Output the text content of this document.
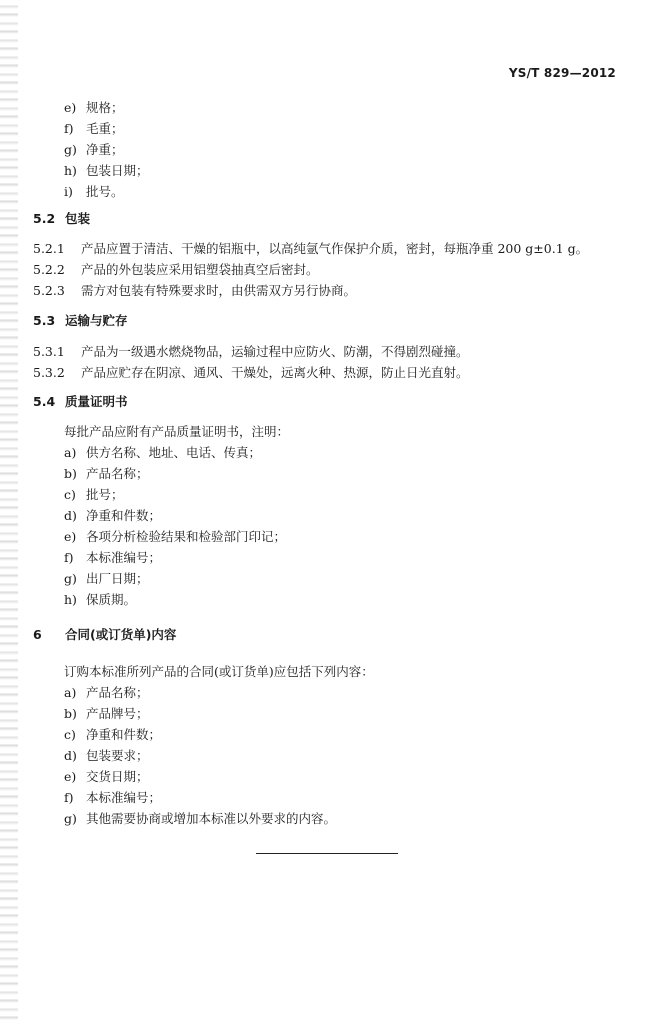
YS/T 829—2012
e) 规格；
f) 毛重；
g) 净重；
h) 包装日期；
i) 批号。
5.2 包装
5.2.1 产品应置于清洁、干燥的铝瓶中，以高纯氩气作保护介质，密封，每瓶净重 200 g±0.1 g。
5.2.2 产品的外包装应采用铝塑袋抽真空后密封。
5.2.3 需方对包装有特殊要求时，由供需双方另行协商。
5.3 运输与贮存
5.3.1 产品为一级遇水燃烧物品，运输过程中应防火、防潮，不得剧烈碰撞。
5.3.2 产品应贮存在阴凉、通风、干燥处，远离火种、热源，防止日光直射。
5.4 质量证明书
每批产品应附有产品质量证明书，注明：
a) 供方名称、地址、电话、传真；
b) 产品名称；
c) 批号；
d) 净重和件数；
e) 各项分析检验结果和检验部门印记；
f) 本标准编号；
g) 出厂日期；
h) 保质期。
6 合同(或订货单)内容
订购本标准所列产品的合同(或订货单)应包括下列内容：
a) 产品名称；
b) 产品牌号；
c) 净重和件数；
d) 包装要求；
e) 交货日期；
f) 本标准编号；
g) 其他需要协商或增加本标准以外要求的内容。
